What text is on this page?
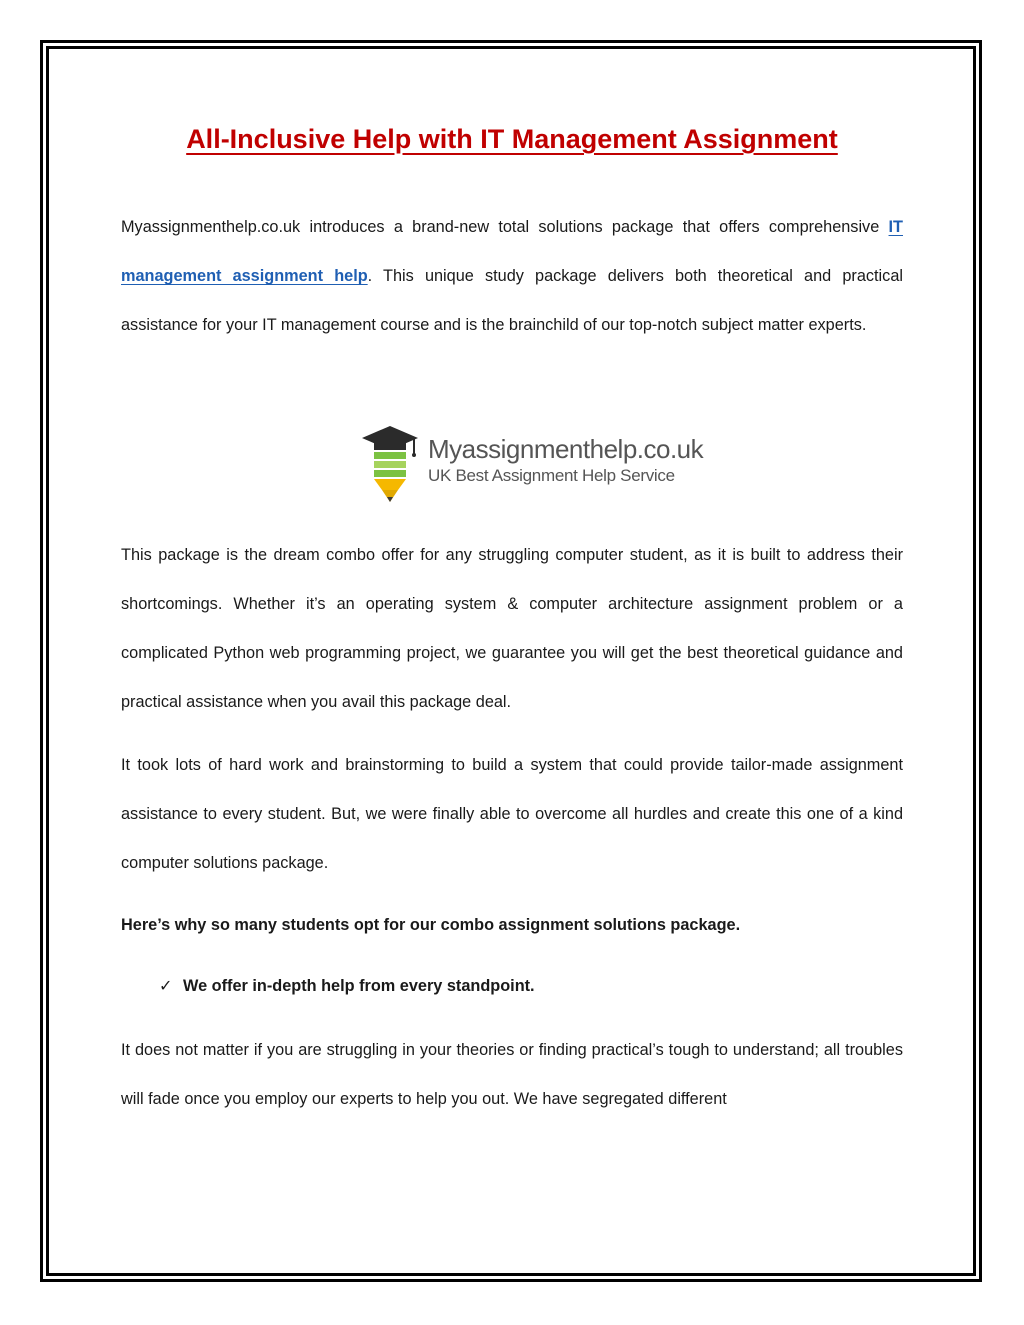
All-Inclusive Help with IT Management Assignment

Myassignmenthelp.co.uk introduces a brand-new total solutions package that offers comprehensive IT management assignment help. This unique study package delivers both theoretical and practical assistance for your IT management course and is the brainchild of our top-notch subject matter experts.

Myassignmenthelp.co.uk
UK Best Assignment Help Service

This package is the dream combo offer for any struggling computer student, as it is built to address their shortcomings. Whether it’s an operating system & computer architecture assignment problem or a complicated Python web programming project, we guarantee you will get the best theoretical guidance and practical assistance when you avail this package deal.

It took lots of hard work and brainstorming to build a system that could provide tailor-made assignment assistance to every student. But, we were finally able to overcome all hurdles and create this one of a kind computer solutions package.

Here’s why so many students opt for our combo assignment solutions package.

✓ We offer in-depth help from every standpoint.

It does not matter if you are struggling in your theories or finding practical’s tough to understand; all troubles will fade once you employ our experts to help you out. We have segregated different
